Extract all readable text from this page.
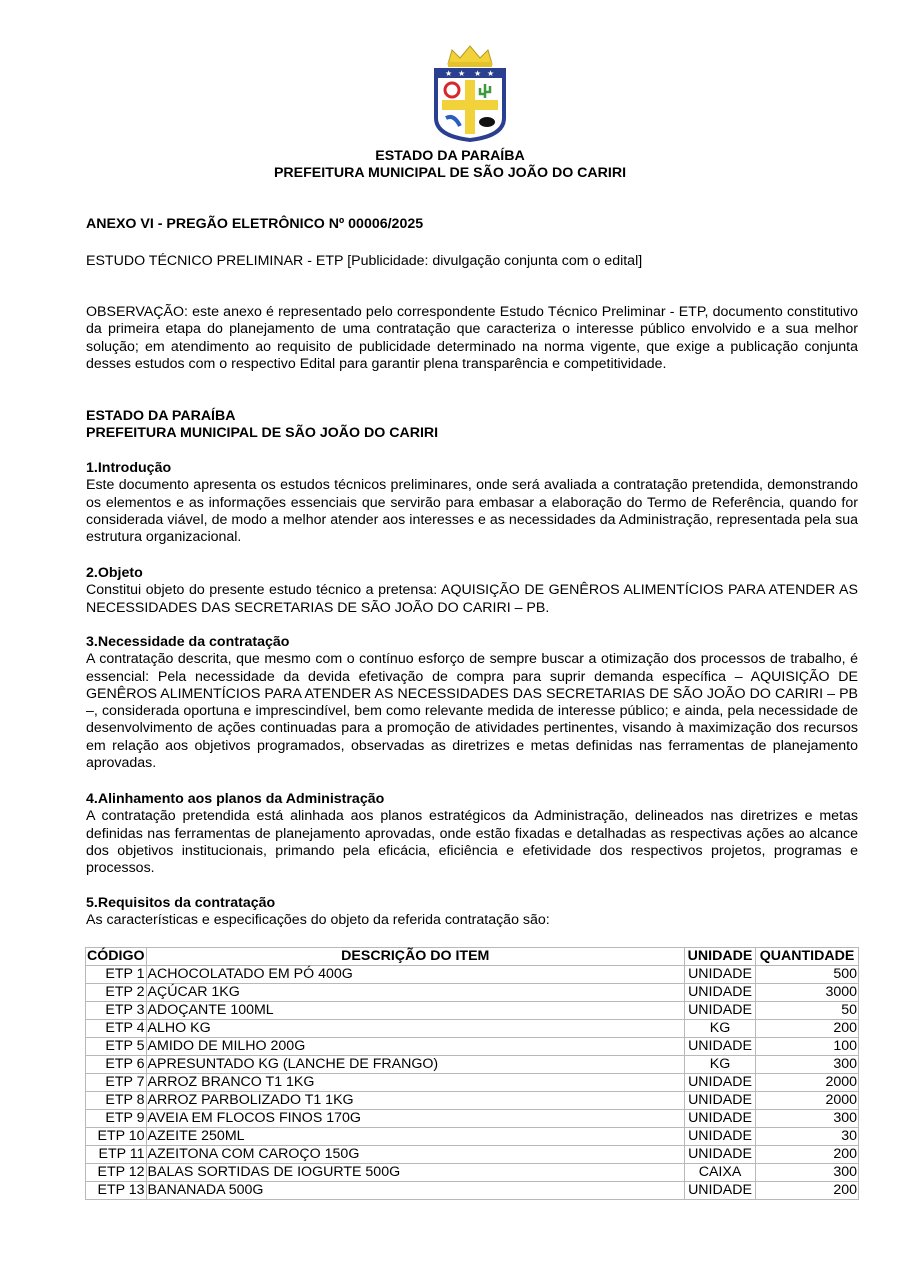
★ ★ ★ ★
ESTADO DA PARAÍBA
PREFEITURA MUNICIPAL DE SÃO JOÃO DO CARIRI
ANEXO VI - PREGÃO ELETRÔNICO Nº 00006/2025
ESTUDO TÉCNICO PRELIMINAR - ETP [Publicidade: divulgação conjunta com o edital]
OBSERVAÇÃO: este anexo é representado pelo correspondente Estudo Técnico Preliminar - ETP, documento constitutivo da primeira etapa do planejamento de uma contratação que caracteriza o interesse público envolvido e a sua melhor solução; em atendimento ao requisito de publicidade determinado na norma vigente, que exige a publicação conjunta desses estudos com o respectivo Edital para garantir plena transparência e competitividade.
ESTADO DA PARAÍBA
PREFEITURA MUNICIPAL DE SÃO JOÃO DO CARIRI
1.Introdução
Este documento apresenta os estudos técnicos preliminares, onde será avaliada a contratação pretendida, demonstrando os elementos e as informações essenciais que servirão para embasar a elaboração do Termo de Referência, quando for considerada viável, de modo a melhor atender aos interesses e as necessidades da Administração, representada pela sua estrutura organizacional.
2.Objeto
Constitui objeto do presente estudo técnico a pretensa: AQUISIÇÃO DE GENÊROS ALIMENTÍCIOS PARA ATENDER AS NECESSIDADES DAS SECRETARIAS DE SÃO JOÃO DO CARIRI – PB.
3.Necessidade da contratação
A contratação descrita, que mesmo com o contínuo esforço de sempre buscar a otimização dos processos de trabalho, é essencial: Pela necessidade da devida efetivação de compra para suprir demanda específica – AQUISIÇÃO DE GENÊROS ALIMENTÍCIOS PARA ATENDER AS NECESSIDADES DAS SECRETARIAS DE SÃO JOÃO DO CARIRI – PB –, considerada oportuna e imprescindível, bem como relevante medida de interesse público; e ainda, pela necessidade de desenvolvimento de ações continuadas para a promoção de atividades pertinentes, visando à maximização dos recursos em relação aos objetivos programados, observadas as diretrizes e metas definidas nas ferramentas de planejamento aprovadas.
4.Alinhamento aos planos da Administração
A contratação pretendida está alinhada aos planos estratégicos da Administração, delineados nas diretrizes e metas definidas nas ferramentas de planejamento aprovadas, onde estão fixadas e detalhadas as respectivas ações ao alcance dos objetivos institucionais, primando pela eficácia, eficiência e efetividade dos respectivos projetos, programas e processos.
5.Requisitos da contratação
As características e especificações do objeto da referida contratação são:
CÓDIGO	DESCRIÇÃO DO ITEM	UNIDADE	QUANTIDADE
ETP 1	ACHOCOLATADO EM PÓ 400G	UNIDADE	500
ETP 2	AÇÚCAR 1KG	UNIDADE	3000
ETP 3	ADOÇANTE 100ML	UNIDADE	50
ETP 4	ALHO KG	KG	200
ETP 5	AMIDO DE MILHO 200G	UNIDADE	100
ETP 6	APRESUNTADO KG (LANCHE DE FRANGO)	KG	300
ETP 7	ARROZ BRANCO T1 1KG	UNIDADE	2000
ETP 8	ARROZ PARBOLIZADO T1 1KG	UNIDADE	2000
ETP 9	AVEIA EM FLOCOS FINOS 170G	UNIDADE	300
ETP 10	AZEITE 250ML	UNIDADE	30
ETP 11	AZEITONA COM CAROÇO 150G	UNIDADE	200
ETP 12	BALAS SORTIDAS DE IOGURTE 500G	CAIXA	300
ETP 13	BANANADA 500G	UNIDADE	200
